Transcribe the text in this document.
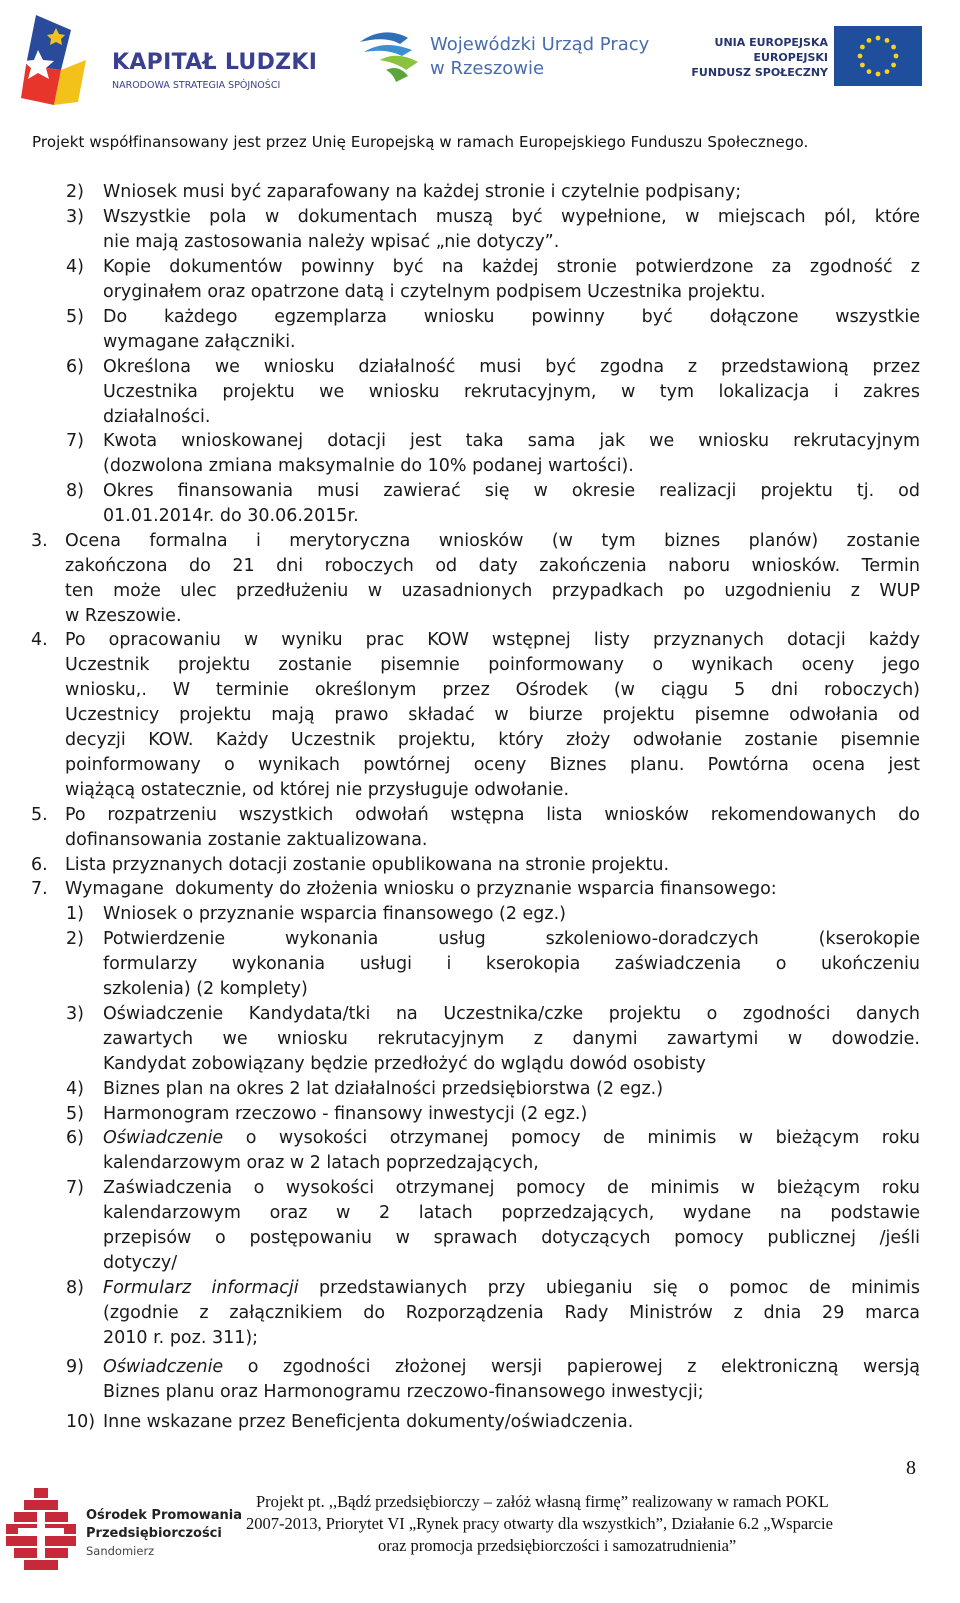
KAPITAŁ LUDZKI
NARODOWA STRATEGIA SPÓJNOŚCI
Wojewódzki Urząd Pracy
w Rzeszowie
UNIA EUROPEJSKA
EUROPEJSKI
FUNDUSZ SPOŁECZNY
Projekt współfinansowany jest przez Unię Europejską w ramach Europejskiego Funduszu Społecznego.
2) Wniosek musi być zaparafowany na każdej stronie i czytelnie podpisany;
3) Wszystkie pola w dokumentach muszą być wypełnione, w miejscach pól, które
nie mają zastosowania należy wpisać „nie dotyczy”.
4) Kopie dokumentów powinny być na każdej stronie potwierdzone za zgodność z
oryginałem oraz opatrzone datą i czytelnym podpisem Uczestnika projektu.
5) Do każdego egzemplarza wniosku powinny być dołączone wszystkie
wymagane załączniki.
6) Określona we wniosku działalność musi być zgodna z przedstawioną przez
Uczestnika projektu we wniosku rekrutacyjnym, w tym lokalizacja i zakres
działalności.
7) Kwota wnioskowanej dotacji jest taka sama jak we wniosku rekrutacyjnym
(dozwolona zmiana maksymalnie do 10% podanej wartości).
8) Okres finansowania musi zawierać się w okresie realizacji projektu tj. od
01.01.2014r. do 30.06.2015r.
3. Ocena formalna i merytoryczna wniosków (w tym biznes planów) zostanie
zakończona do 21 dni roboczych od daty zakończenia naboru wniosków. Termin
ten może ulec przedłużeniu w uzasadnionych przypadkach po uzgodnieniu z WUP
w Rzeszowie.
4. Po opracowaniu w wyniku prac KOW wstępnej listy przyznanych dotacji każdy
Uczestnik projektu zostanie pisemnie poinformowany o wynikach oceny jego
wniosku,. W terminie określonym przez Ośrodek (w ciągu 5 dni roboczych)
Uczestnicy projektu mają prawo składać w biurze projektu pisemne odwołania od
decyzji KOW. Każdy Uczestnik projektu, który złoży odwołanie zostanie pisemnie
poinformowany o wynikach powtórnej oceny Biznes planu. Powtórna ocena jest
wiążącą ostatecznie, od której nie przysługuje odwołanie.
5. Po rozpatrzeniu wszystkich odwołań wstępna lista wniosków rekomendowanych do
dofinansowania zostanie zaktualizowana.
6. Lista przyznanych dotacji zostanie opublikowana na stronie projektu.
7. Wymagane  dokumenty do złożenia wniosku o przyznanie wsparcia finansowego:
1) Wniosek o przyznanie wsparcia finansowego (2 egz.)
2) Potwierdzenie wykonania usług szkoleniowo-doradczych (kserokopie
formularzy wykonania usługi i kserokopia zaświadczenia o ukończeniu
szkolenia) (2 komplety)
3) Oświadczenie Kandydata/tki na Uczestnika/czke projektu o zgodności danych
zawartych we wniosku rekrutacyjnym z danymi zawartymi w dowodzie.
Kandydat zobowiązany będzie przedłożyć do wglądu dowód osobisty
4) Biznes plan na okres 2 lat działalności przedsiębiorstwa (2 egz.)
5) Harmonogram rzeczowo - finansowy inwestycji (2 egz.)
6) Oświadczenie o wysokości otrzymanej pomocy de minimis w bieżącym roku
kalendarzowym oraz w 2 latach poprzedzających,
7) Zaświadczenia o wysokości otrzymanej pomocy de minimis w bieżącym roku
kalendarzowym oraz w 2 latach poprzedzających, wydane na podstawie
przepisów o postępowaniu w sprawach dotyczących pomocy publicznej /jeśli
dotyczy/
8) Formularz informacji przedstawianych przy ubieganiu się o pomoc de minimis
(zgodnie z załącznikiem do Rozporządzenia Rady Ministrów z dnia 29 marca
2010 r. poz. 311);
9) Oświadczenie o zgodności złożonej wersji papierowej z elektroniczną wersją
Biznes planu oraz Harmonogramu rzeczowo-finansowego inwestycji;
10) Inne wskazane przez Beneficjenta dokumenty/oświadczenia.
8
Ośrodek Promowania
Przedsiębiorczości
Sandomierz
Projekt pt. ,,Bądź przedsiębiorczy – załóż własną firmę” realizowany w ramach POKL
2007-2013, Priorytet VI „Rynek pracy otwarty dla wszystkich”, Działanie 6.2 „Wsparcie
oraz promocja przedsiębiorczości i samozatrudnienia”
